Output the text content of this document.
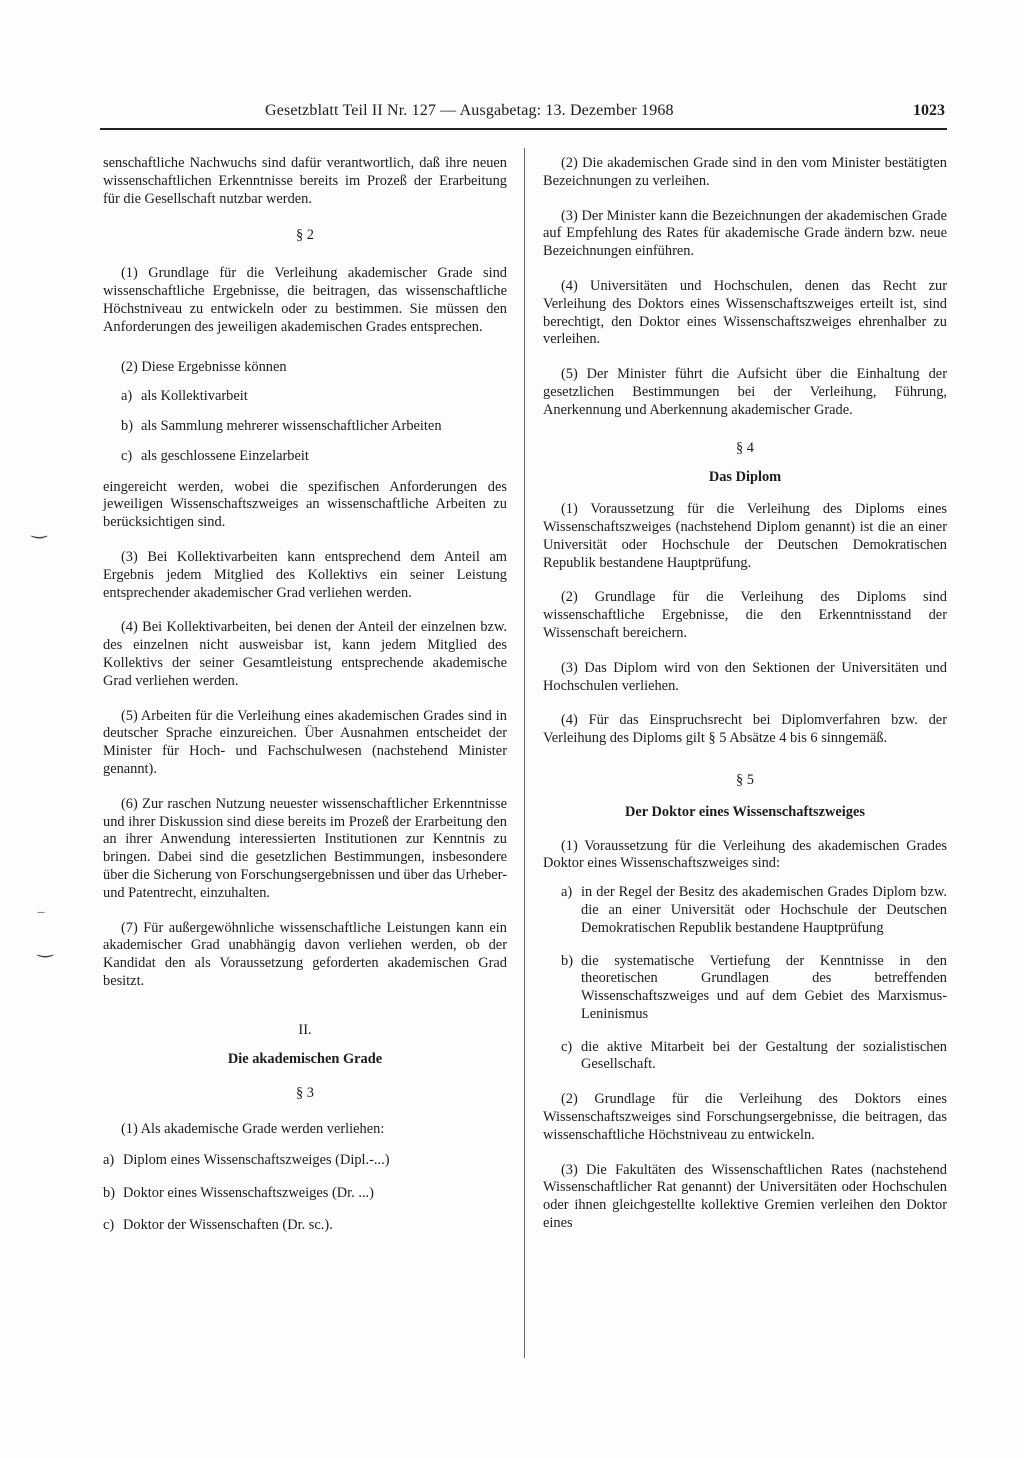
Gesetzblatt Teil II Nr. 127 — Ausgabetag: 13. Dezember 1968	1023
‿
‾
‿

senschaftliche Nachwuchs sind dafür verantwortlich, daß ihre neuen wissenschaftlichen Erkenntnisse bereits im Prozeß der Erarbeitung für die Gesellschaft nutzbar werden.

§ 2

(1) Grundlage für die Verleihung akademischer Grade sind wissenschaftliche Ergebnisse, die beitragen, das wissenschaftliche Höchstniveau zu entwickeln oder zu bestimmen. Sie müssen den Anforderungen des jeweiligen akademischen Grades entsprechen.

(2) Diese Ergebnisse können

a) als Kollektivarbeit

b) als Sammlung mehrerer wissenschaftlicher Arbeiten

c) als geschlossene Einzelarbeit

eingereicht werden, wobei die spezifischen Anforderungen des jeweiligen Wissenschaftszweiges an wissenschaftliche Arbeiten zu berücksichtigen sind.

(3) Bei Kollektivarbeiten kann entsprechend dem Anteil am Ergebnis jedem Mitglied des Kollektivs ein seiner Leistung entsprechender akademischer Grad verliehen werden.

(4) Bei Kollektivarbeiten, bei denen der Anteil der einzelnen bzw. des einzelnen nicht ausweisbar ist, kann jedem Mitglied des Kollektivs der seiner Gesamtleistung entsprechende akademische Grad verliehen werden.

(5) Arbeiten für die Verleihung eines akademischen Grades sind in deutscher Sprache einzureichen. Über Ausnahmen entscheidet der Minister für Hoch- und Fachschulwesen (nachstehend Minister genannt).

(6) Zur raschen Nutzung neuester wissenschaftlicher Erkenntnisse und ihrer Diskussion sind diese bereits im Prozeß der Erarbeitung den an ihrer Anwendung interessierten Institutionen zur Kenntnis zu bringen. Dabei sind die gesetzlichen Bestimmungen, insbesondere über die Sicherung von Forschungsergebnissen und über das Urheber- und Patentrecht, einzuhalten.

(7) Für außergewöhnliche wissenschaftliche Leistungen kann ein akademischer Grad unabhängig davon verliehen werden, ob der Kandidat den als Voraussetzung geforderten akademischen Grad besitzt.

II.

Die akademischen Grade

§ 3

(1) Als akademische Grade werden verliehen:

a) Diplom eines Wissenschaftszweiges (Dipl.-...)

b) Doktor eines Wissenschaftszweiges (Dr. ...)

c) Doktor der Wissenschaften (Dr. sc.).

(2) Die akademischen Grade sind in den vom Minister bestätigten Bezeichnungen zu verleihen.

(3) Der Minister kann die Bezeichnungen der akademischen Grade auf Empfehlung des Rates für akademische Grade ändern bzw. neue Bezeichnungen einführen.

(4) Universitäten und Hochschulen, denen das Recht zur Verleihung des Doktors eines Wissenschaftszweiges erteilt ist, sind berechtigt, den Doktor eines Wissenschaftszweiges ehrenhalber zu verleihen.

(5) Der Minister führt die Aufsicht über die Einhaltung der gesetzlichen Bestimmungen bei der Verleihung, Führung, Anerkennung und Aberkennung akademischer Grade.

§ 4

Das Diplom

(1) Voraussetzung für die Verleihung des Diploms eines Wissenschaftszweiges (nachstehend Diplom genannt) ist die an einer Universität oder Hochschule der Deutschen Demokratischen Republik bestandene Hauptprüfung.

(2) Grundlage für die Verleihung des Diploms sind wissenschaftliche Ergebnisse, die den Erkenntnisstand der Wissenschaft bereichern.

(3) Das Diplom wird von den Sektionen der Universitäten und Hochschulen verliehen.

(4) Für das Einspruchsrecht bei Diplomverfahren bzw. der Verleihung des Diploms gilt § 5 Absätze 4 bis 6 sinngemäß.

§ 5

Der Doktor eines Wissenschaftszweiges

(1) Voraussetzung für die Verleihung des akademischen Grades Doktor eines Wissenschaftszweiges sind:

a) in der Regel der Besitz des akademischen Grades Diplom bzw. die an einer Universität oder Hochschule der Deutschen Demokratischen Republik bestandene Hauptprüfung

b) die systematische Vertiefung der Kenntnisse in den theoretischen Grundlagen des betreffenden Wissenschaftszweiges und auf dem Gebiet des Marxismus-Leninismus

c) die aktive Mitarbeit bei der Gestaltung der sozialistischen Gesellschaft.

(2) Grundlage für die Verleihung des Doktors eines Wissenschaftszweiges sind Forschungsergebnisse, die beitragen, das wissenschaftliche Höchstniveau zu entwickeln.

(3) Die Fakultäten des Wissenschaftlichen Rates (nachstehend Wissenschaftlicher Rat genannt) der Universitäten oder Hochschulen oder ihnen gleichgestellte kollektive Gremien verleihen den Doktor eines
